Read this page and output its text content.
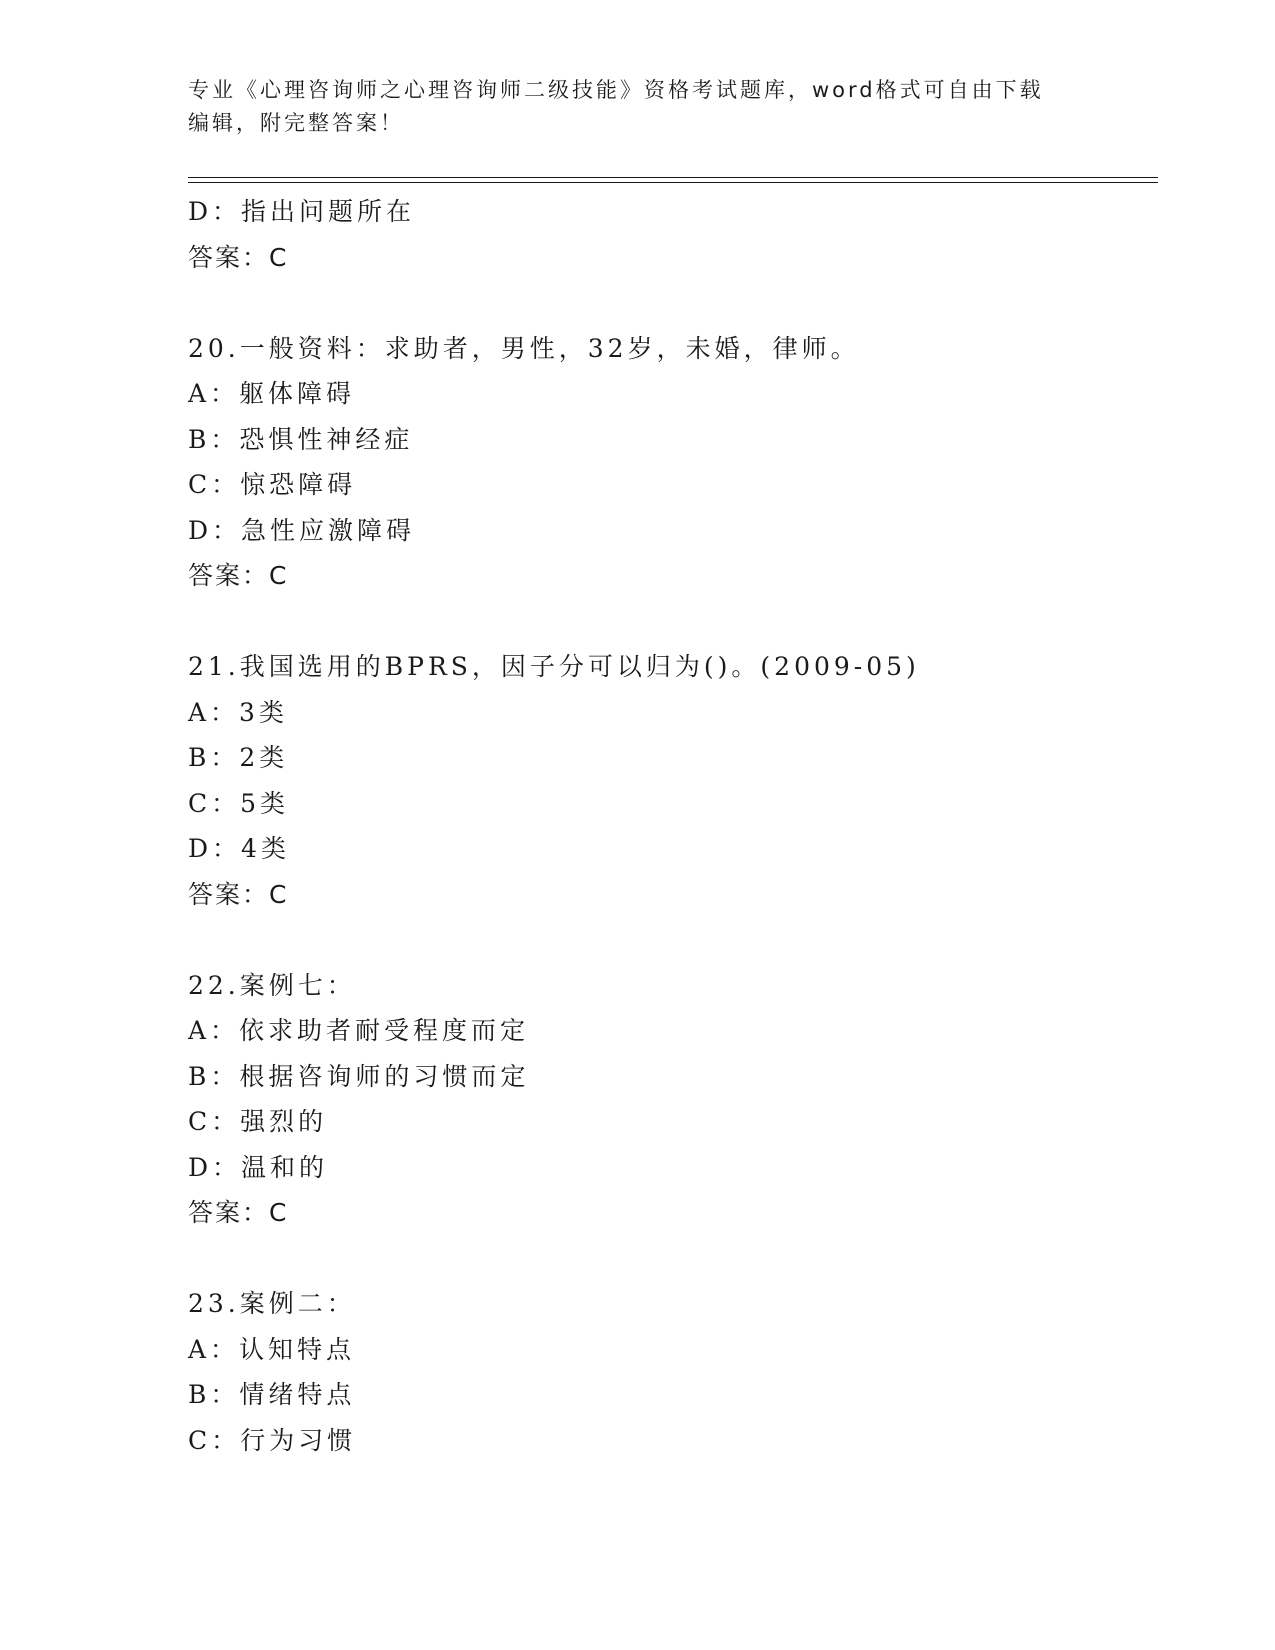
专业《心理咨询师之心理咨询师二级技能》资格考试题库，word格式可自由下载
编辑，附完整答案！
D：指出问题所在
答案：C
20.一般资料：求助者，男性，32岁，未婚，律师。
A：躯体障碍
B：恐惧性神经症
C：惊恐障碍
D：急性应激障碍
答案：C
21.我国选用的BPRS，因子分可以归为()。(2009-05)
A：3类
B：2类
C：5类
D：4类
答案：C
22.案例七：
A：依求助者耐受程度而定
B：根据咨询师的习惯而定
C：强烈的
D：温和的
答案：C
23.案例二：
A：认知特点
B：情绪特点
C：行为习惯
